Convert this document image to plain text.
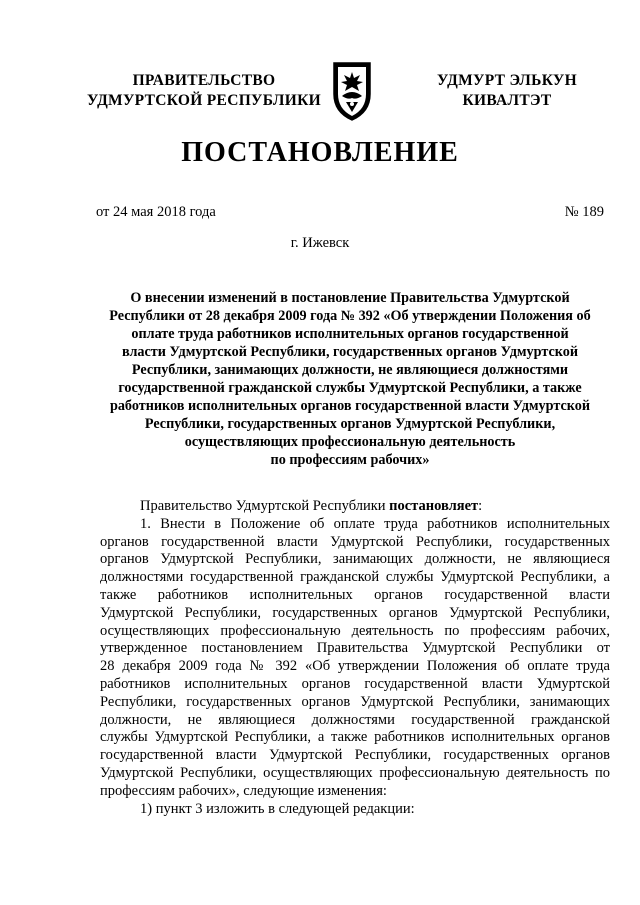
ПРАВИТЕЛЬСТВО
УДМУРТСКОЙ РЕСПУБЛИКИ
УДМУРТ ЭЛЬКУН
КИВАЛТЭТ
ПОСТАНОВЛЕНИЕ
от 24 мая 2018 года	№ 189
г. Ижевск
О внесении изменений в постановление Правительства Удмуртской
Республики от 28 декабря 2009 года № 392 «Об утверждении Положения об
оплате труда работников исполнительных органов государственной
власти Удмуртской Республики, государственных органов Удмуртской
Республики, занимающих должности, не являющиеся должностями
государственной гражданской службы Удмуртской Республики, а также
работников исполнительных органов государственной власти Удмуртской
Республики, государственных органов Удмуртской Республики,
осуществляющих профессиональную деятельность
по профессиям рабочих»
Правительство Удмуртской Республики постановляет:
1. Внести в Положение об оплате труда работников исполнительных
органов государственной власти Удмуртской Республики, государственных
органов Удмуртской Республики, занимающих должности, не являющиеся
должностями государственной гражданской службы Удмуртской Республики, а
также работников исполнительных органов государственной власти
Удмуртской Республики, государственных органов Удмуртской Республики,
осуществляющих профессиональную деятельность по профессиям рабочих,
утвержденное постановлением Правительства Удмуртской Республики от
28 декабря 2009 года № 392 «Об утверждении Положения об оплате труда
работников исполнительных органов государственной власти Удмуртской
Республики, государственных органов Удмуртской Республики, занимающих
должности, не являющиеся должностями государственной гражданской
службы Удмуртской Республики, а также работников исполнительных органов
государственной власти Удмуртской Республики, государственных органов
Удмуртской Республики, осуществляющих профессиональную деятельность по
профессиям рабочих», следующие изменения:
1) пункт 3 изложить в следующей редакции:
